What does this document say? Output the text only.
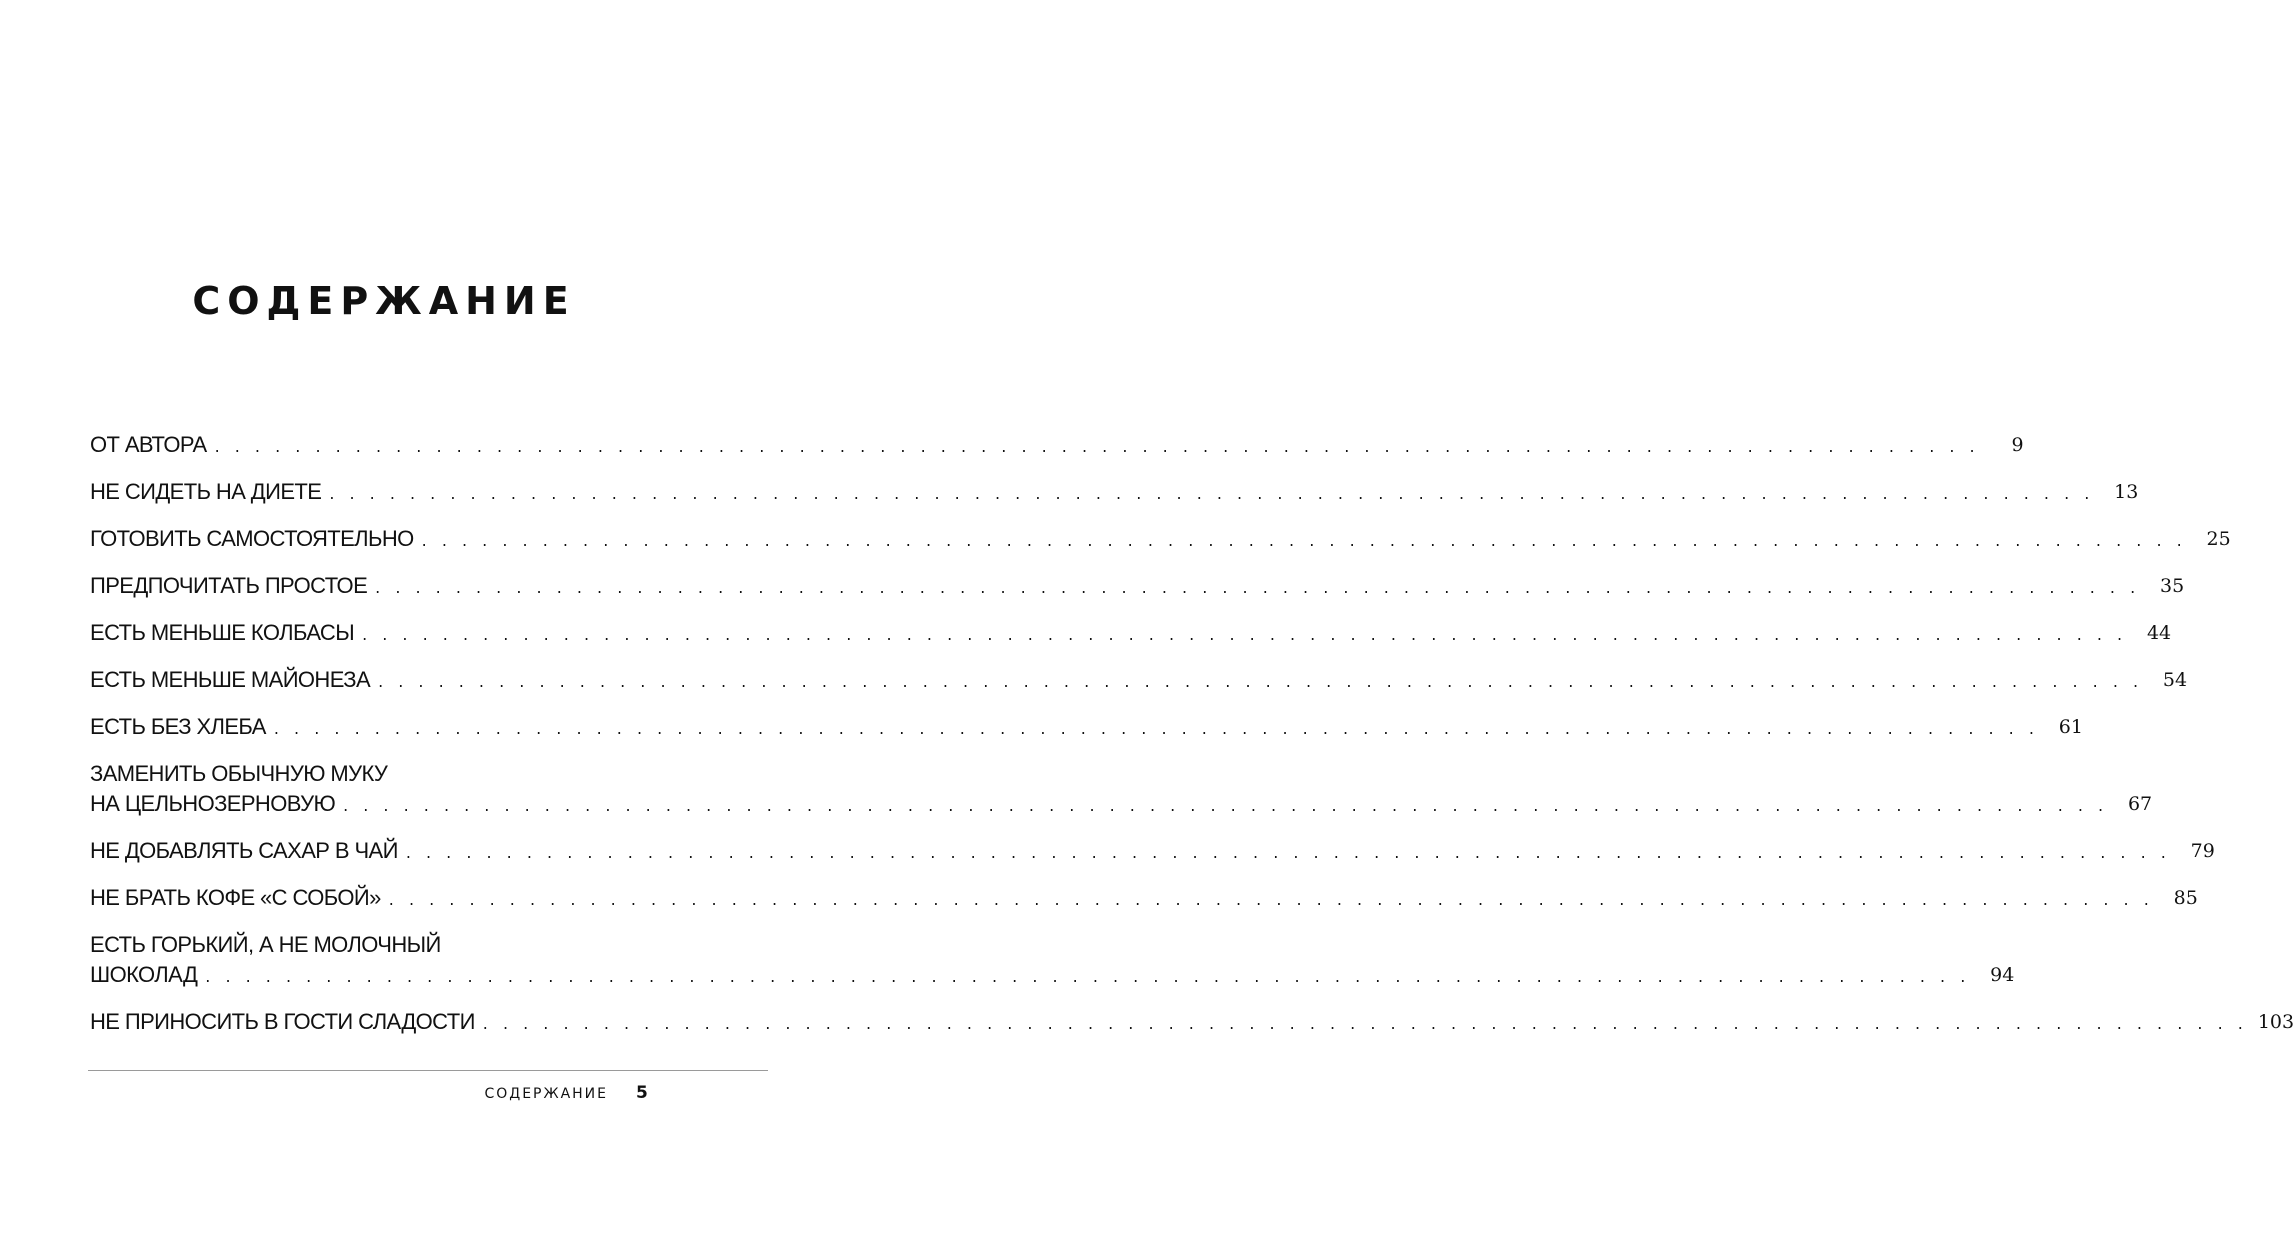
СОДЕРЖАНИЕ
ОТ АВТОРА . . .	9
НЕ СИДЕТЬ НА ДИЕТЕ . . .	13
ГОТОВИТЬ САМОСТОЯТЕЛЬНО . . .	25
ПРЕДПОЧИТАТЬ ПРОСТОЕ . . .	35
ЕСТЬ МЕНЬШЕ КОЛБАСЫ . . .	44
ЕСТЬ МЕНЬШЕ МАЙОНЕЗА . . .	54
ЕСТЬ БЕЗ ХЛЕБА . . .	61
ЗАМЕНИТЬ ОБЫЧНУЮ МУКУ
НА ЦЕЛЬНОЗЕРНОВУЮ . . .	67
НЕ ДОБАВЛЯТЬ САХАР В ЧАЙ . . .	79
НЕ БРАТЬ КОФЕ «С СОБОЙ» . . .	85
ЕСТЬ ГОРЬКИЙ, А НЕ МОЛОЧНЫЙ
ШОКОЛАД . . .	94
НЕ ПРИНОСИТЬ В ГОСТИ СЛАДОСТИ . . .	103
СОДЕРЖАНИЕ 5
